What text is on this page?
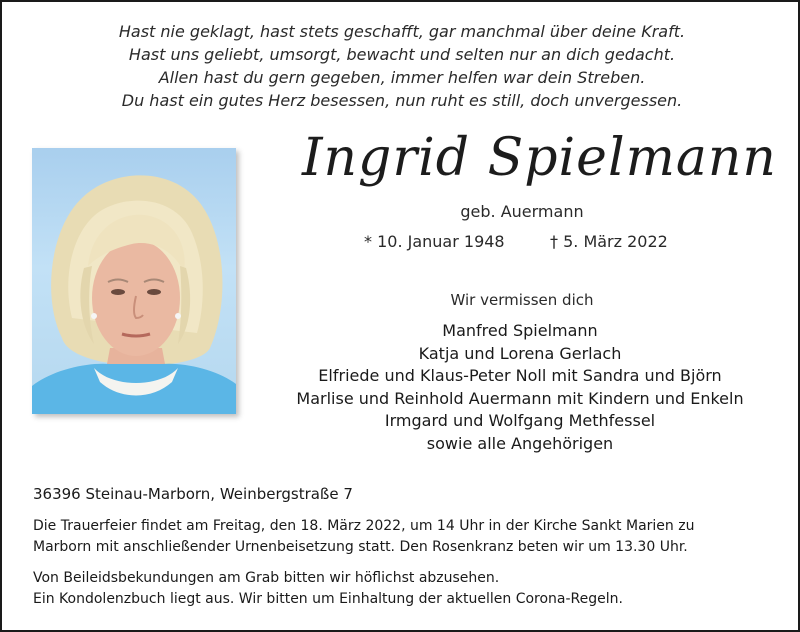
Hast nie geklagt, hast stets geschafft, gar manchmal über deine Kraft.
Hast uns geliebt, umsorgt, bewacht und selten nur an dich gedacht.
Allen hast du gern gegeben, immer helfen war dein Streben.
Du hast ein gutes Herz besessen, nun ruht es still, doch unvergessen.
Ingrid Spielmann
geb. Auermann
* 10. Januar 1948	† 5. März 2022
Wir vermissen dich
Manfred Spielmann
Katja und Lorena Gerlach
Elfriede und Klaus-Peter Noll mit Sandra und Björn
Marlise und Reinhold Auermann mit Kindern und Enkeln
Irmgard und Wolfgang Methfessel
sowie alle Angehörigen
36396 Steinau-Marborn, Weinbergstraße 7
Die Trauerfeier findet am Freitag, den 18. März 2022, um 14 Uhr in der Kirche Sankt Marien zu
Marborn mit anschließender Urnenbeisetzung statt. Den Rosenkranz beten wir um 13.30 Uhr.
Von Beileidsbekundungen am Grab bitten wir höflichst abzusehen.
Ein Kondolenzbuch liegt aus. Wir bitten um Einhaltung der aktuellen Corona-Regeln.
